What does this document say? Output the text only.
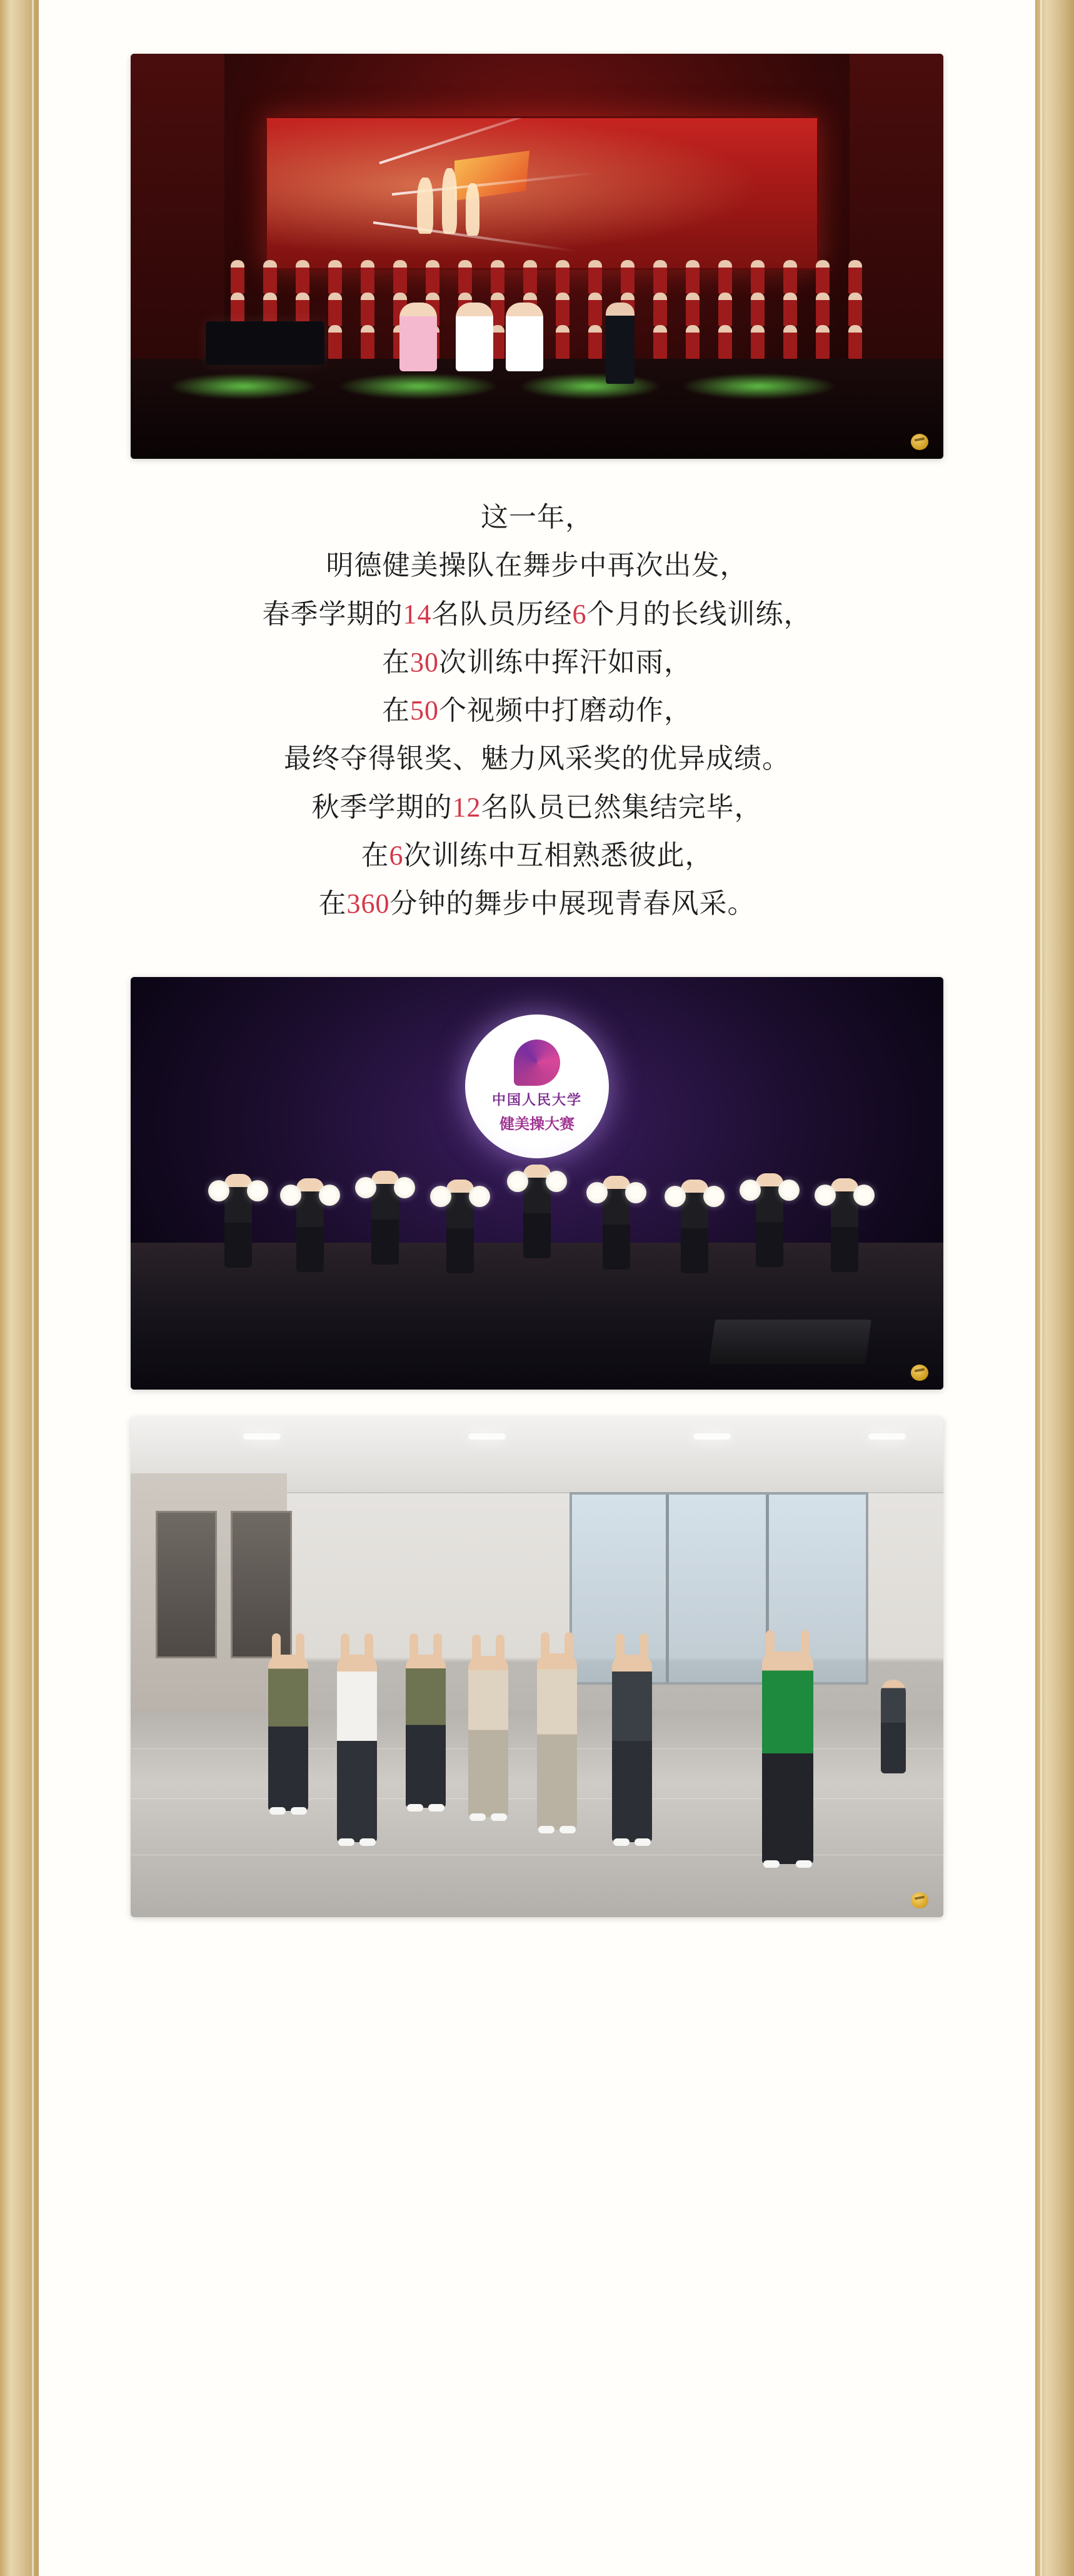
这一年，

明德健美操队在舞步中再次出发，

春季学期的14名队员历经6个月的长线训练，

在30次训练中挥汗如雨，

在50个视频中打磨动作，

最终夺得银奖、魅力风采奖的优异成绩。

秋季学期的12名队员已然集结完毕，

在6次训练中互相熟悉彼此，

在360分钟的舞步中展现青春风采。

中国人民大学
健美操大赛
